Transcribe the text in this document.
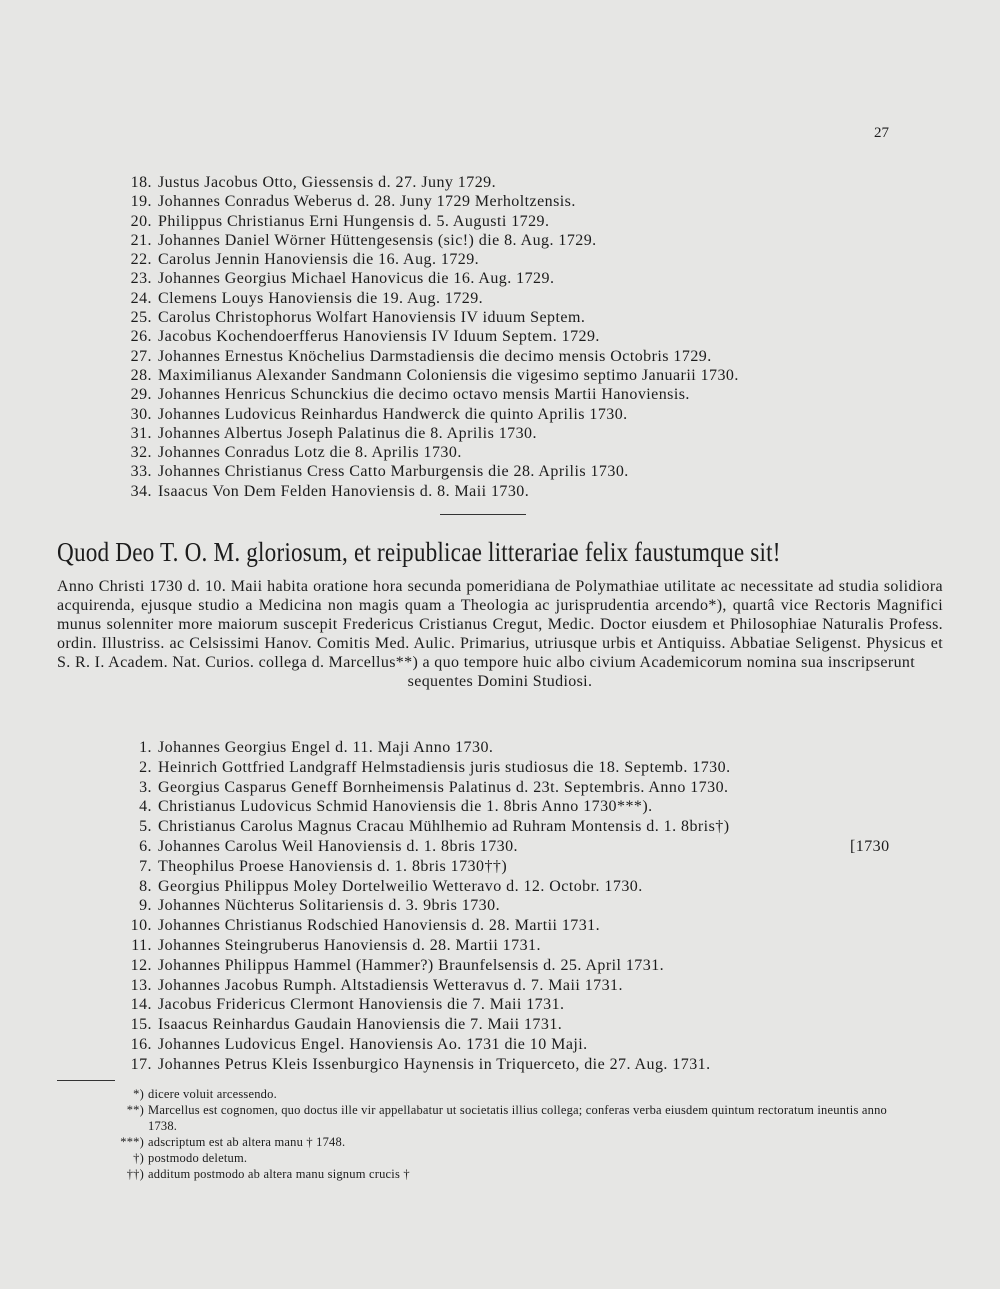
27
18. Justus Jacobus Otto, Giessensis d. 27. Juny 1729.
19. Johannes Conradus Weberus d. 28. Juny 1729 Merholtzensis.
20. Philippus Christianus Erni Hungensis d. 5. Augusti 1729.
21. Johannes Daniel Wörner Hüttengesensis (sic!) die 8. Aug. 1729.
22. Carolus Jennin Hanoviensis die 16. Aug. 1729.
23. Johannes Georgius Michael Hanovicus die 16. Aug. 1729.
24. Clemens Louys Hanoviensis die 19. Aug. 1729.
25. Carolus Christophorus Wolfart Hanoviensis IV iduum Septem.
26. Jacobus Kochendoerfferus Hanoviensis IV Iduum Septem. 1729.
27. Johannes Ernestus Knöchelius Darmstadiensis die decimo mensis Octobris 1729.
28. Maximilianus Alexander Sandmann Coloniensis die vigesimo septimo Januarii 1730.
29. Johannes Henricus Schunckius die decimo octavo mensis Martii Hanoviensis.
30. Johannes Ludovicus Reinhardus Handwerck die quinto Aprilis 1730.
31. Johannes Albertus Joseph Palatinus die 8. Aprilis 1730.
32. Johannes Conradus Lotz die 8. Aprilis 1730.
33. Johannes Christianus Cress Catto Marburgensis die 28. Aprilis 1730.
34. Isaacus Von Dem Felden Hanoviensis d. 8. Maii 1730.
Quod Deo T. O. M. gloriosum, et reipublicae litterariae felix faustumque sit!
Anno Christi 1730 d. 10. Maii habita oratione hora secunda pomeridiana de Polymathiae utilitate ac necessitate ad studia solidiora acquirenda, ejusque studio a Medicina non magis quam a Theologia ac jurisprudentia arcendo*), quartâ vice Rectoris Magnifici munus solenniter more maiorum suscepit Fredericus Cristianus Cregut, Medic. Doctor eiusdem et Philosophiae Naturalis Profess. ordin. Illustriss. ac Celsissimi Hanov. Comitis Med. Aulic. Primarius, utriusque urbis et Antiquiss. Abbatiae Seligenst. Physicus et S. R. I. Academ. Nat. Curios. collega d. Marcellus**) a quo tempore huic albo civium Academicorum nomina sua inscripserunt
sequentes Domini Studiosi.
1. Johannes Georgius Engel d. 11. Maji Anno 1730.
2. Heinrich Gottfried Landgraff Helmstadiensis juris studiosus die 18. Septemb. 1730.
3. Georgius Casparus Geneff Bornheimensis Palatinus d. 23t. Septembris. Anno 1730.
4. Christianus Ludovicus Schmid Hanoviensis die 1. 8bris Anno 1730***).
5. Christianus Carolus Magnus Cracau Mühlhemio ad Ruhram Montensis d. 1. 8bris†)
6. Johannes Carolus Weil Hanoviensis d. 1. 8bris 1730.	[1730
7. Theophilus Proese Hanoviensis d. 1. 8bris 1730††)
8. Georgius Philippus Moley Dortelweilio Wetteravo d. 12. Octobr. 1730.
9. Johannes Nüchterus Solitariensis d. 3. 9bris 1730.
10. Johannes Christianus Rodschied Hanoviensis d. 28. Martii 1731.
11. Johannes Steingruberus Hanoviensis d. 28. Martii 1731.
12. Johannes Philippus Hammel (Hammer?) Braunfelsensis d. 25. April 1731.
13. Johannes Jacobus Rumph. Altstadiensis Wetteravus d. 7. Maii 1731.
14. Jacobus Fridericus Clermont Hanoviensis die 7. Maii 1731.
15. Isaacus Reinhardus Gaudain Hanoviensis die 7. Maii 1731.
16. Johannes Ludovicus Engel. Hanoviensis Ao. 1731 die 10 Maji.
17. Johannes Petrus Kleis Issenburgico Haynensis in Triquerceto, die 27. Aug. 1731.
*) dicere voluit arcessendo.
**) Marcellus est cognomen, quo doctus ille vir appellabatur ut societatis illius collega; conferas verba eiusdem quintum rectoratum ineuntis anno 1738.
***) adscriptum est ab altera manu † 1748.
†) postmodo deletum.
††) additum postmodo ab altera manu signum crucis †
